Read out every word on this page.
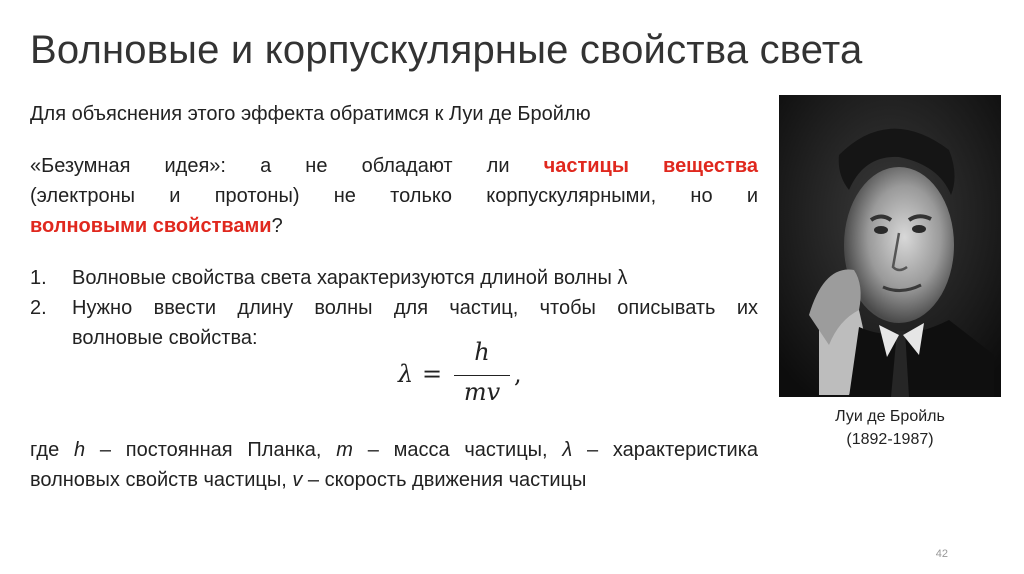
Волновые и корпускулярные свойства света
Для объяснения этого эффекта обратимся к Луи де Бройлю
«Безумная идея»: а не обладают ли частицы вещества
(электроны и протоны) не только корпускулярными, но и
волновыми свойствами?
1. Волновые свойства света характеризуются длиной волны λ
2. Нужно ввести длину волны для частиц, чтобы описывать их
волновые свойства:
λ =
h
mv
,
где h – постоянная Планка, m – масса частицы, λ – характеристика
волновых свойств частицы, v – скорость движения частицы
Луи де Бройль
(1892-1987)
42
